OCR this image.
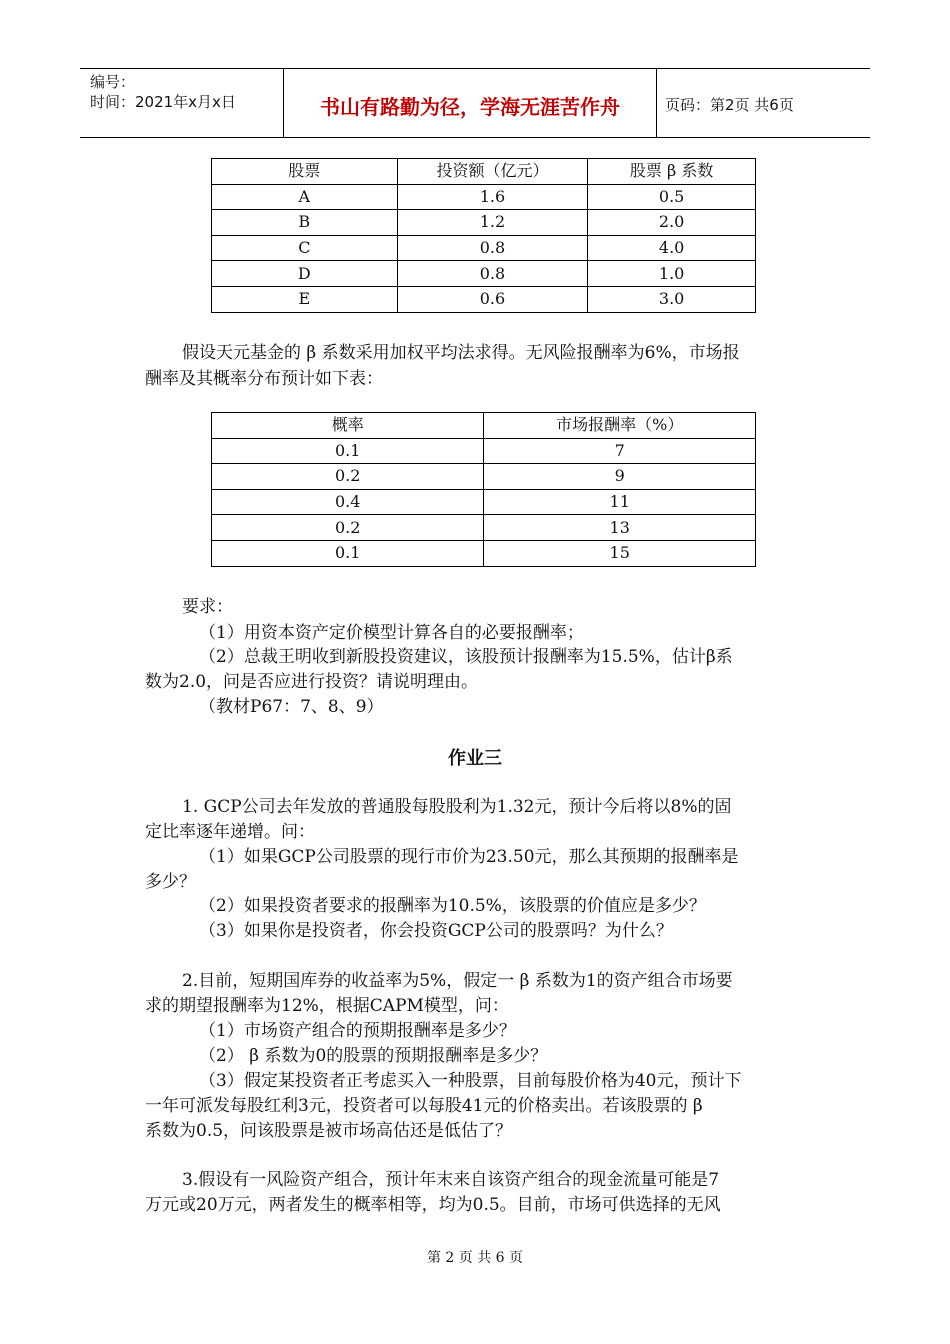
编号：
时间：2021年x月x日	书山有路勤为径，学海无涯苦作舟	页码：第2页 共6页
股票	投资额（亿元）	股票 β 系数
A	1.6	0.5
B	1.2	2.0
C	0.8	4.0
D	0.8	1.0
E	0.6	3.0
假设天元基金的 β 系数采用加权平均法求得。无风险报酬率为6%，市场报
酬率及其概率分布预计如下表：
概率	市场报酬率（%）
0.1	7
0.2	9
0.4	11
0.2	13
0.1	15
要求：
（1）用资本资产定价模型计算各自的必要报酬率；
（2）总裁王明收到新股投资建议，该股预计报酬率为15.5%，估计β系
数为2.0，问是否应进行投资？请说明理由。
（教材P67：7、8、9）
作业三
1. GCP公司去年发放的普通股每股股利为1.32元，预计今后将以8%的固
定比率逐年递增。问：
（1）如果GCP公司股票的现行市价为23.50元，那么其预期的报酬率是
多少？
（2）如果投资者要求的报酬率为10.5%，该股票的价值应是多少？
（3）如果你是投资者，你会投资GCP公司的股票吗？为什么？
2.目前，短期国库券的收益率为5%，假定一 β 系数为1的资产组合市场要
求的期望报酬率为12%，根据CAPM模型，问：
（1）市场资产组合的预期报酬率是多少？
（2） β 系数为0的股票的预期报酬率是多少？
（3）假定某投资者正考虑买入一种股票，目前每股价格为40元，预计下
一年可派发每股红利3元，投资者可以每股41元的价格卖出。若该股票的 β
系数为0.5，问该股票是被市场高估还是低估了？
3.假设有一风险资产组合，预计年末来自该资产组合的现金流量可能是7
万元或20万元，两者发生的概率相等，均为0.5。目前，市场可供选择的无风
第 2 页 共 6 页
